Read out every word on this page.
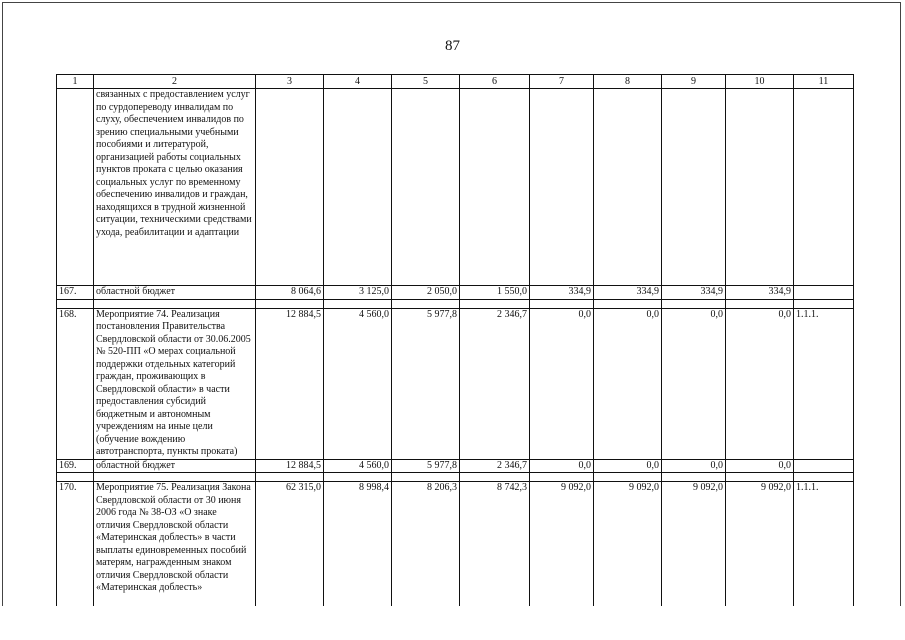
87
1	2	3	4	5	6	7	8	9	10	11
	связанных с предоставлением услуг по сурдопереводу инвалидам по слуху, обеспечением инвалидов по зрению специальными учебными пособиями и литературой, организацией работы социальных пунктов проката с целью оказания социальных услуг по временному обеспечению инвалидов и граждан, находящихся в трудной жизненной ситуации, техническими средствами ухода, реабилитации и адаптации									
167.	областной бюджет	8 064,6	3 125,0	2 050,0	1 550,0	334,9	334,9	334,9	334,9	

168.	Мероприятие 74. Реализация постановления Правительства Свердловской области от 30.06.2005 № 520-ПП «О мерах социальной поддержки отдельных категорий граждан, проживающих в Свердловской области» в части предоставления субсидий бюджетным и автономным учреждениям на иные цели (обучение вождению автотранспорта, пункты проката)	12 884,5	4 560,0	5 977,8	2 346,7	0,0	0,0	0,0	0,0	1.1.1.
169.	областной бюджет	12 884,5	4 560,0	5 977,8	2 346,7	0,0	0,0	0,0	0,0	

170.	Мероприятие 75. Реализация Закона Свердловской области от 30 июня 2006 года № 38-ОЗ «О знаке отличия Свердловской области «Материнская доблесть» в части выплаты единовременных пособий матерям, награжденным знаком отличия Свердловской области «Материнская доблесть»	62 315,0	8 998,4	8 206,3	8 742,3	9 092,0	9 092,0	9 092,0	9 092,0	1.1.1.
